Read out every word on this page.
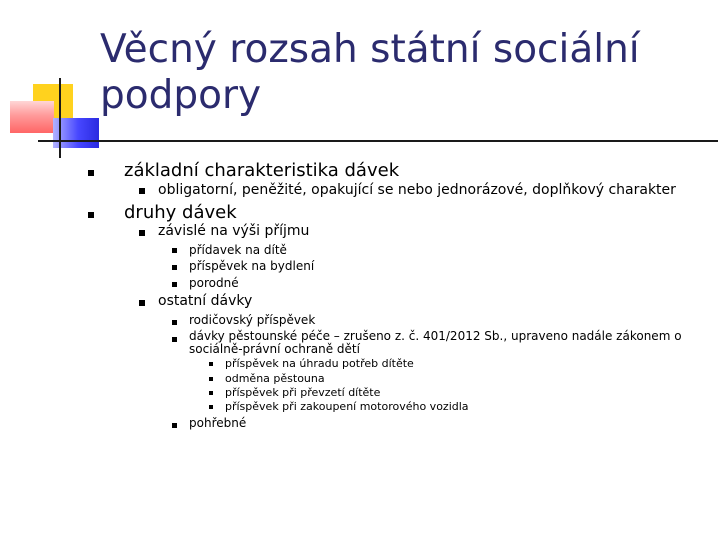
Věcný rozsah státní sociální podpory
základní charakteristika dávek
obligatorní, peněžité, opakující se nebo jednorázové, doplňkový charakter
druhy dávek
závislé na výši příjmu
přídavek na dítě
příspěvek na bydlení
porodné
ostatní dávky
rodičovský příspěvek
dávky pěstounské péče – zrušeno z. č. 401/2012 Sb., upraveno nadále zákonem o sociálně-právní ochraně dětí
příspěvek na úhradu potřeb dítěte
odměna pěstouna
příspěvek při převzetí dítěte
příspěvek při zakoupení motorového vozidla
pohřebné
